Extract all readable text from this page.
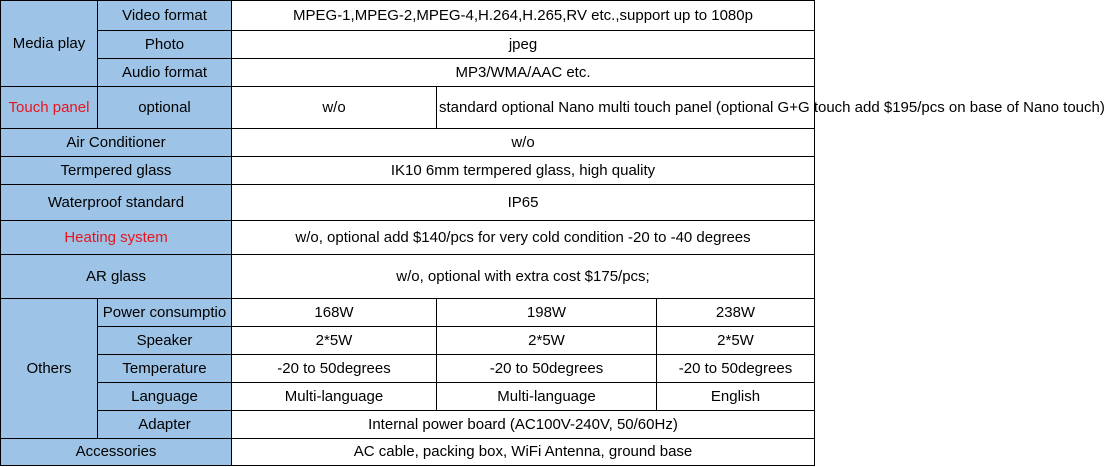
Media play	Video format	MPEG-1,MPEG-2,MPEG-4,H.264,H.265,RV etc.,support up to 1080p		
	Photo	jpeg		
	Audio format	MP3/WMA/AAC etc.		
Touch panel	optional	w/o	standard optional Nano multi touch panel (optional G+G touch add $195/pcs on base of Nano touch)	
Air Conditioner		w/o		
Termpered glass		IK10 6mm termpered glass, high quality		
Waterproof standard		IP65		
Heating system		w/o, optional add $140/pcs for very cold condition -20 to -40 degrees		
AR glass		w/o, optional with extra cost $175/pcs;		
Others	Power consumptio	168W	198W	238W
	Speaker	2*5W	2*5W	2*5W
	Temperature	-20 to 50degrees	-20 to 50degrees	-20 to 50degrees
	Language	Multi-language	Multi-language	English
	Adapter	Internal power board (AC100V-240V, 50/60Hz)		
Accessories		AC cable, packing box, WiFi Antenna, ground base		
